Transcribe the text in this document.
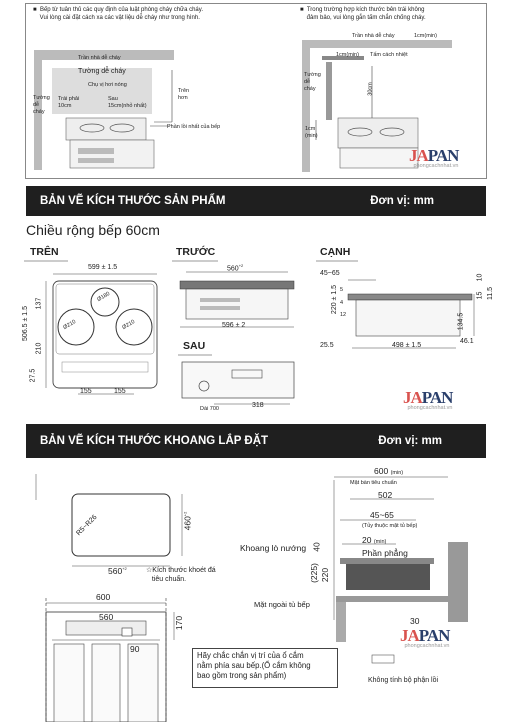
■  Bếp từ tuân thủ các quy định của luật phòng cháy chữa cháy.
Vui lòng cài đặt cách xa các vật liệu dễ cháy như trong hình.
■  Trong trường hợp kích thước bên trái không
đảm bảo, vui lòng gắn tấm chắn chống cháy.
Trần nhà dễ cháy
Tường dễ cháy
Chụ vị hơi nóng
Tường
dễ
cháy
Trái phải
10cm
Sau
15cm(nhỏ nhất)
Trên
hơn
Phần lồi nhất của bếp
Trần nhà dễ cháy	1cm(min)
1cm(min) Tấm cách nhiệt
Tường
dễ
cháy	30cm
1cm
(min)
JAPAN
phongcachnhat.vn
BẢN VẼ KÍCH THƯỚC SẢN PHẨM	Đơn vị: mm
Chiều rộng bếp 60cm
TRÊN
599 ± 1.5
Ø180
Ø210	Ø210
506.5 ± 1.5
137
210
27.5
155	155
TRƯỚC
$560^{+2}$
596 ± 2
SAU
Dài 700	318
CẠNH
45~65
10
15
220 ± 1.5 5
4
12
11.5
134.5
25.5	498 ± 1.5
46.1
JAPAN
phongcachnhat.vn
BẢN VẼ KÍCH THƯỚC KHOANG LẮP ĐẶT	Đơn vị: mm
R5~R26	$460^{+2}$
$560^{+2}$	☆Kích thước khoét đá
tiêu chuẩn.
600
560	170
90
Hãy chắc chắn vị trí của ổ cắm
nằm phía sau bếp.(Ổ cắm không
bao gồm trong sản phẩm)
600 (min)
Mặt bàn tiêu chuẩn
502
45~65
(Tủy thuộc mặt tủ bếp)
20 (min)
Phần phẳng
Khoang lò nướng 40
(225) 220
Mặt ngoài tủ bếp
30
Không tính bộ phận lồi
JAPAN
phongcachnhat.vn
